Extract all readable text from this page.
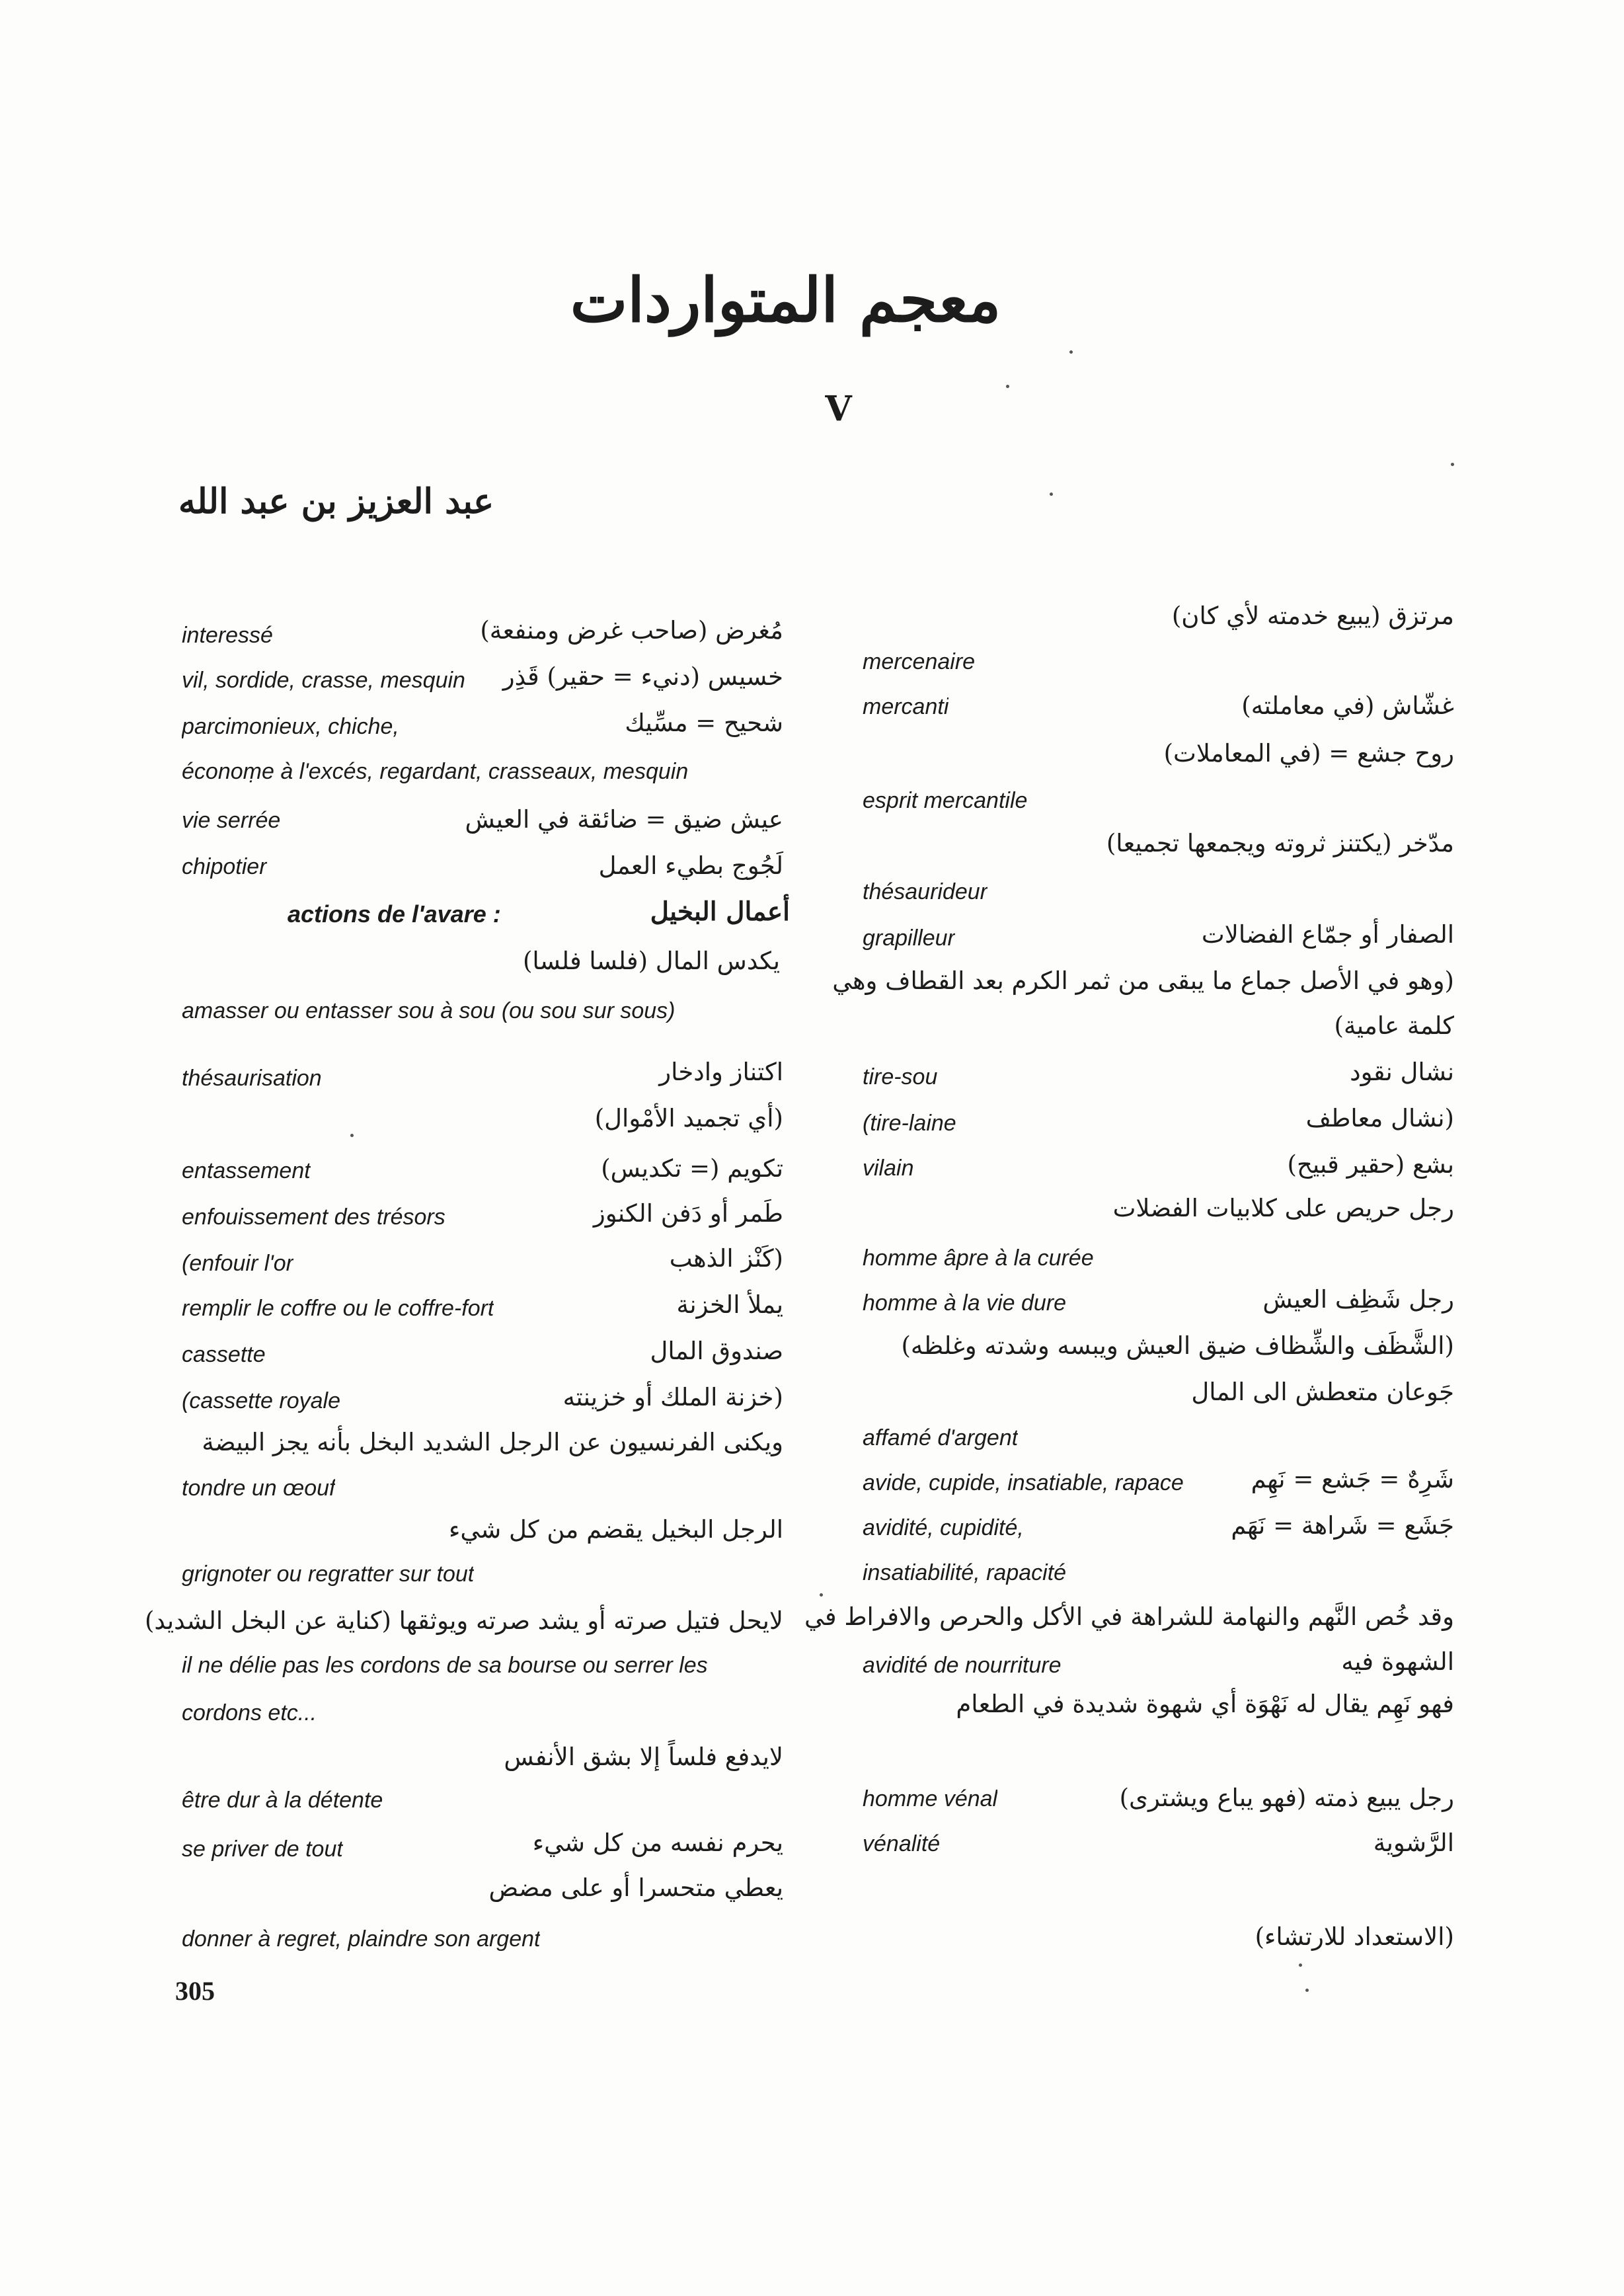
معجم المتواردات
V
عبد العزيز بن عبد الله
مُغرض (صاحب غرض ومنفعة)
interessé
خسيس (دنيء = حقير) قَذِر
vil, sordide, crasse, mesquin
شحيح = مسِّيك
parcimonieux, chiche,
éconoṃe à l'excés, regardant, crasseaux, mesquin
عيش ضيق = ضائقة في العيش
vie serrée
لَجُوج بطيء العمل
chipotier
amasser ou entasser sou à sou (ou sou sur sous)
اكتناز وادخار
thésaurisation
(أي تجميد الأمْوال)
تكويم (= تكديس)
entassement
طَمر أو دَفن الكنوز
enfouissement des trésors
(كَنْز الذهب
(enfouir l'or
يملأ الخزنة
remplir le coffre ou le coffre-fort
صندوق المال
cassette
(خزنة الملك أو خزينته
(cassette royale
ويكنى الفرنسيون عن الرجل الشديد البخل بأنه يجز البيضة
tondre un œouf
الرجل البخيل يقضم من كل شيء
grignoter ou regratter sur tout
لايحل فتيل صرته أو يشد صرته ويوثقها (كناية عن البخل الشديد)
il ne délie pas les cordons de sa bourse ou serrer les
cordons etc...
لايدفع فلساً إلا بشق الأنفس
être dur à la détente
يحرم نفسه من كل شيء
se priver de tout
يعطي متحسرا أو على مضض
donner à regret, plaindre son argent
actions de l'avare :	أعمال البخيل
يكدس المال (فلسا فلسا)
مرتزق (يبيع خدمته لأي كان)
mercenaire
غشّاش (في معاملته)
mercanti
روح جشع = (في المعاملات)
esprit mercantile
مدّخر (يكتنز ثروته ويجمعها تجميعا)
thésaurideur
الصفار أو جمّاع الفضالات
grapilleur
(وهو في الأصل جماع ما يبقى من ثمر الكرم بعد القطاف وهي
كلمة عامية)
نشال نقود
tire-sou
(نشال معاطف
(tire-laine
بشع (حقير قبيح)
vilain
رجل حريص على كلابيات الفضلات
homme âpre à la curée
رجل شَظِف العيش
homme à la vie dure
(الشَّظَف والشِّظاف ضيق العيش ويبسه وشدته وغلظه)
جَوعان متعطش الى المال
affamé d'argent
شَرِهٌ = جَشع = نَهِم
avide, cupide, insatiable, rapace
جَشَع = شَراهة = نَهَم
avidité, cupidité,
insatiabilité, rapacité
وقد خُص النَّهم والنهامة للشراهة في الأكل والحرص والافراط في
الشهوة فيه
avidité de nourriture
فهو نَهِم يقال له نَهْوَة أي شهوة شديدة في الطعام
رجل يبيع ذمته (فهو يباع ويشترى)
homme vénal
الرَّشوية
vénalité
(الاستعداد للارتشاء)
305
